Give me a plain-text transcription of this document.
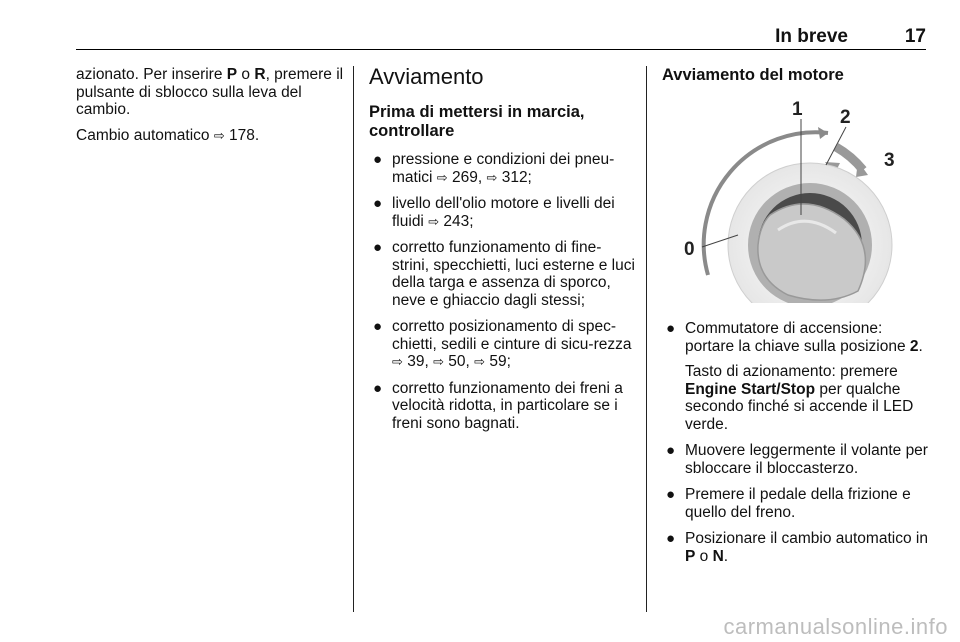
In breve	17

azionato. Per inserire P o R, premere il pulsante di sblocco sulla leva del cambio.

Cambio automatico ⇨ 178.

Avviamento
Prima di mettersi in marcia, controllare
● pressione e condizioni dei pneu-matici ⇨ 269, ⇨ 312;
● livello dell'olio motore e livelli dei fluidi ⇨ 243;
● corretto funzionamento di fine-strini, specchietti, luci esterne e luci della targa e assenza di sporco, neve e ghiaccio dagli stessi;
● corretto posizionamento di spec-chietti, sedili e cinture di sicu-rezza ⇨ 39, ⇨ 50, ⇨ 59;
● corretto funzionamento dei freni a velocità ridotta, in particolare se i freni sono bagnati.
Avviamento del motore
0
1 2
3
● Commutatore di accensione: portare la chiave sulla posizione 2.

Tasto di azionamento: premere Engine Start/Stop per qualche secondo finché si accende il LED verde.

● Muovere leggermente il volante per sbloccare il bloccasterzo.
● Premere il pedale della frizione e quello del freno.
● Posizionare il cambio automatico in P o N.
carmanualsonline.info
